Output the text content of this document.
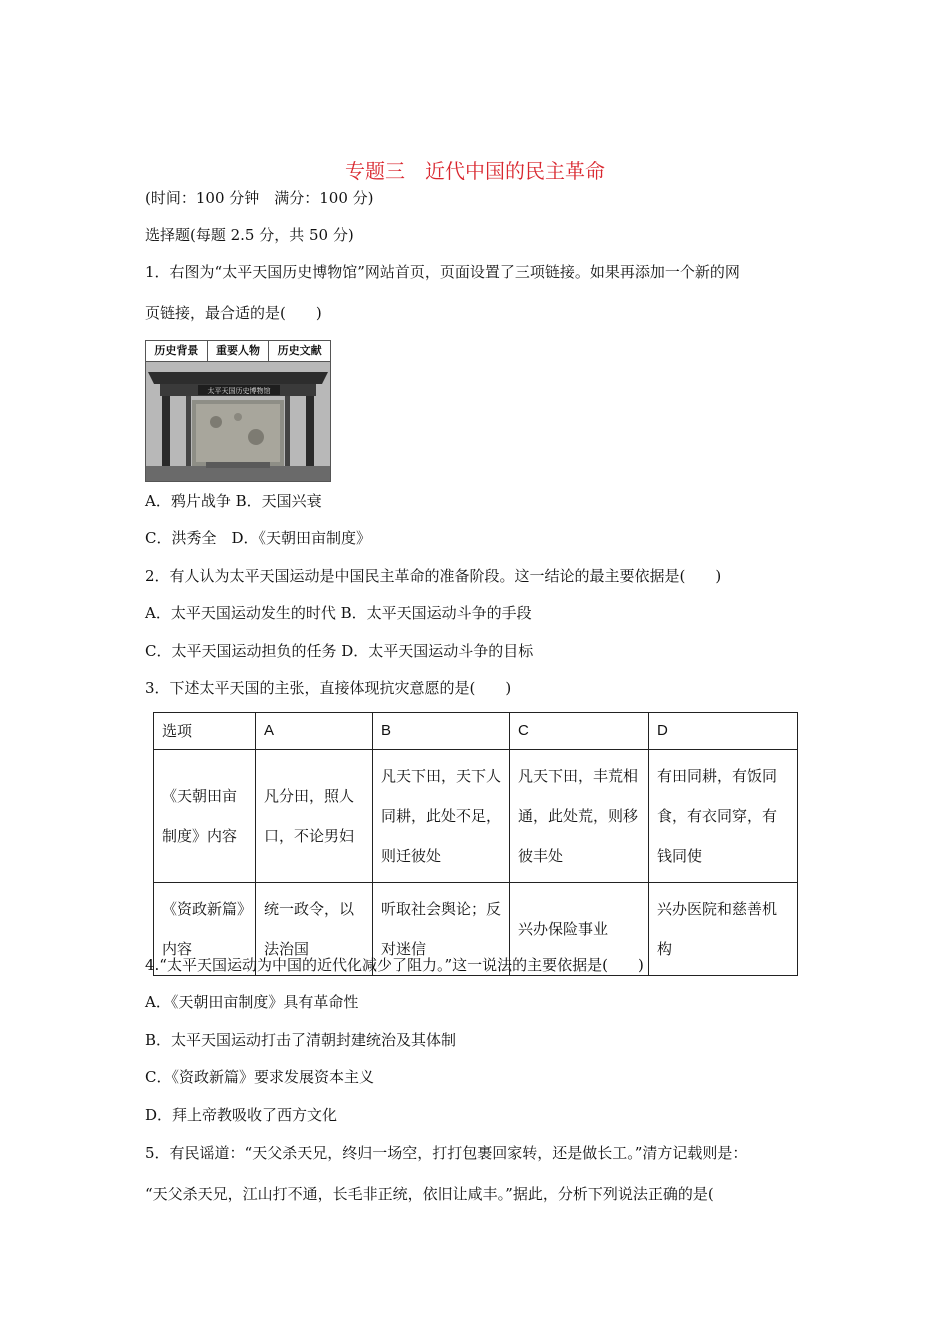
专题三　近代中国的民主革命
(时间：100 分钟　满分：100 分)
选择题(每题 2.5 分，共 50 分)
1．右图为“太平天国历史博物馆”网站首页，页面设置了三项链接。如果再添加一个新的网
页链接，最合适的是(　　)
历史背景	重要人物	历史文献
太平天国历史博物馆
A．鸦片战争 B．天国兴衰
C．洪秀全　D．《天朝田亩制度》
2．有人认为太平天国运动是中国民主革命的准备阶段。这一结论的最主要依据是(　　)
A．太平天国运动发生的时代 B．太平天国运动斗争的手段
C．太平天国运动担负的任务 D．太平天国运动斗争的目标
3．下述太平天国的主张，直接体现抗灾意愿的是(　　)
选项	A	B	C	D
《天朝田亩制度》内容	凡分田，照人口，不论男妇	凡天下田，天下人同耕，此处不足，则迁彼处	凡天下田，丰荒相通，此处荒，则移彼丰处	有田同耕，有饭同食，有衣同穿，有钱同使
《资政新篇》内容	统一政令，以法治国	听取社会舆论；反对迷信	兴办保险事业	兴办医院和慈善机构
4.“太平天国运动为中国的近代化减少了阻力。”这一说法的主要依据是(　　)
A．《天朝田亩制度》具有革命性
B．太平天国运动打击了清朝封建统治及其体制
C．《资政新篇》要求发展资本主义
D．拜上帝教吸收了西方文化
5．有民谣道：“天父杀天兄，终归一场空，打打包裹回家转，还是做长工。”清方记载则是：
“天父杀天兄，江山打不通，长毛非正统，依旧让咸丰。”据此，分析下列说法正确的是(
